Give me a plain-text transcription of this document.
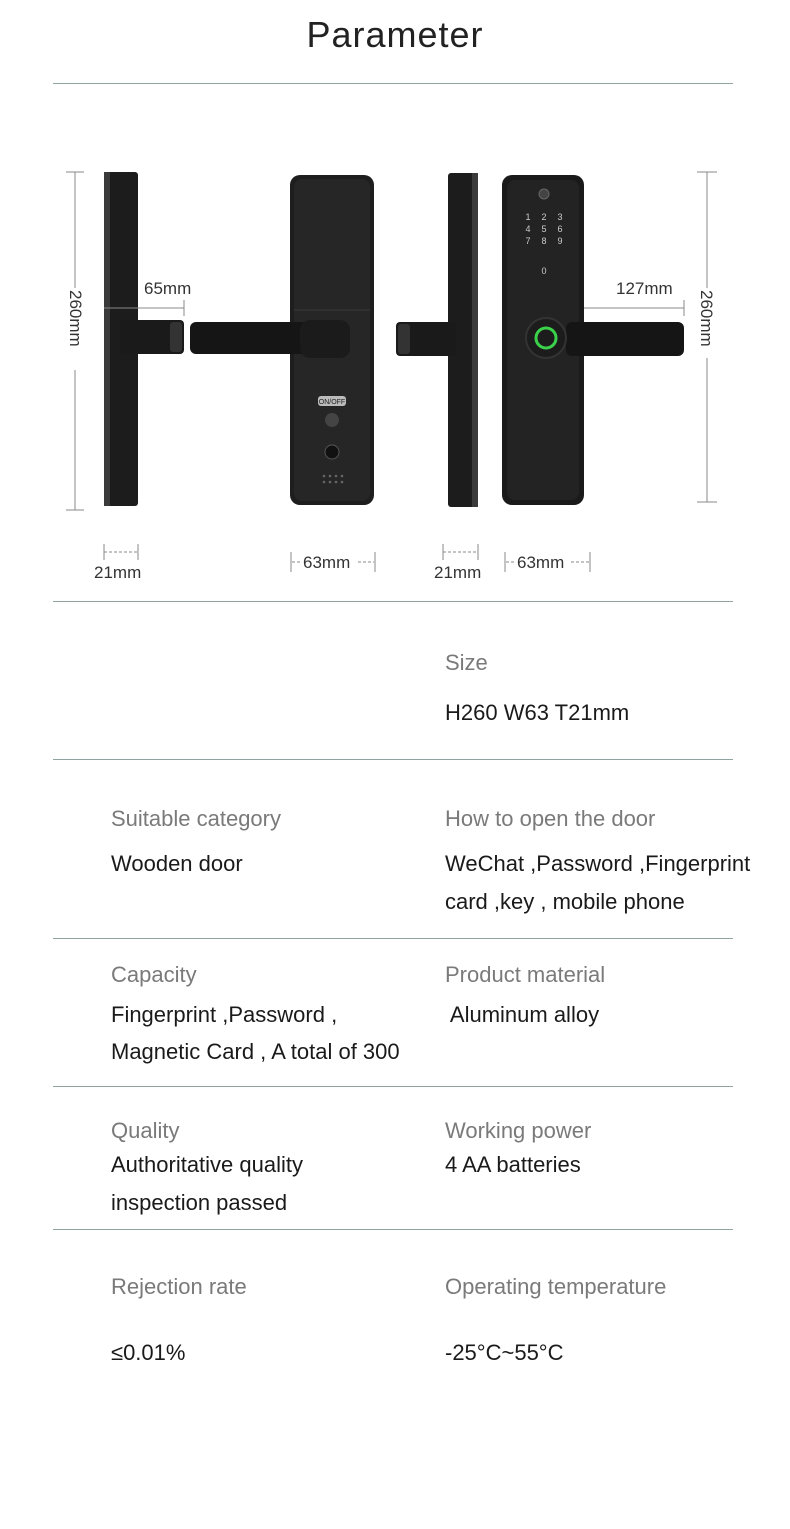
Parameter
260mm
65mm
ON/OFF
1 2 3
4 5 6
7 8 9
0
260mm
127mm
21mm
63mm
21mm
63mm
Size
H260 W63 T21mm
Suitable category
Wooden door
How to open the door
WeChat ,Password ,Fingerprint
card ,key , mobile phone
Capacity
Fingerprint ,Password ,
Magnetic Card , A total of 300
Product material
Aluminum alloy
Quality
Authoritative quality
inspection passed
Working power
4 AA batteries
Rejection rate
≤0.01%
Operating temperature
-25°C~55°C
